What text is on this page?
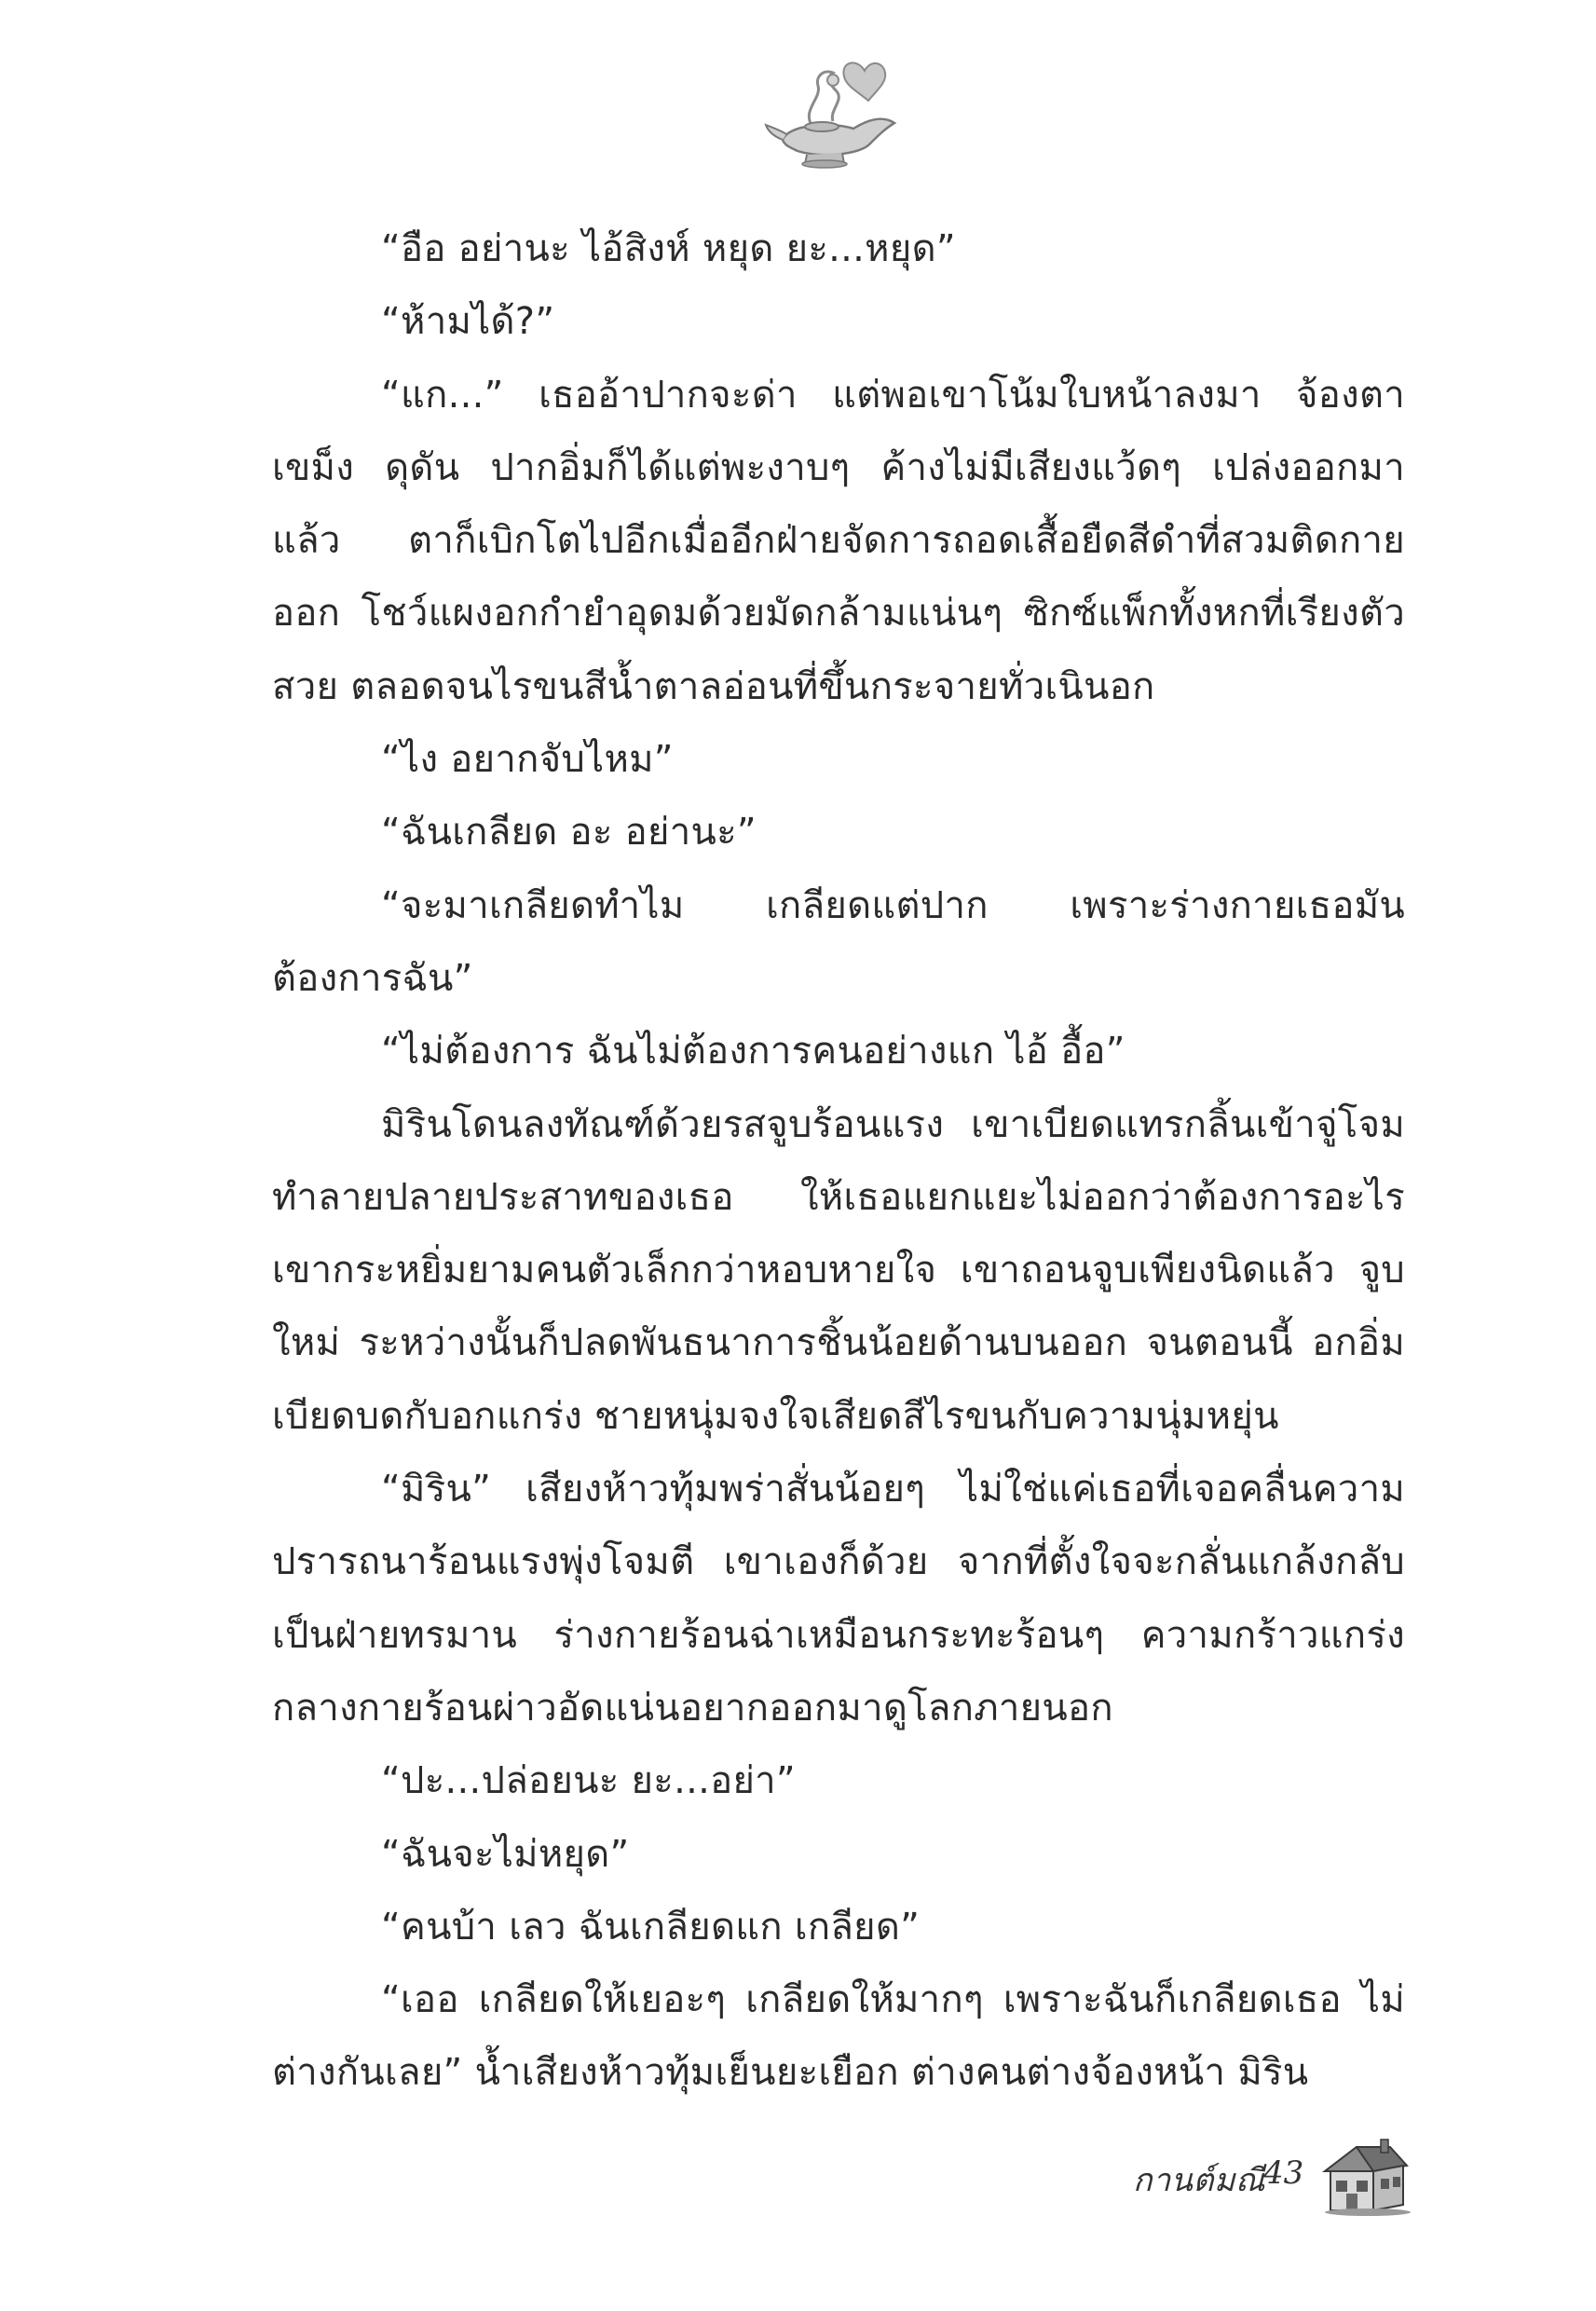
“อือ อย่านะ ไอ้สิงห์ หยุด ยะ...หยุด”

“ห้ามได้?”

“แก...” เธออ้าปากจะด่า แต่พอเขาโน้มใบหน้าลงมา จ้องตาเขม็ง ดุดัน ปากอิ่มก็ได้แต่พะงาบๆ ค้างไม่มีเสียงแว้ดๆ เปล่งออกมา แล้ว ตาก็เบิกโตไปอีกเมื่ออีกฝ่ายจัดการถอดเสื้อยืดสีดำที่สวมติดกายออก โชว์แผงอกกำยำอุดมด้วยมัดกล้ามแน่นๆ ซิกซ์แพ็กทั้งหกที่เรียงตัวสวย ตลอดจนไรขนสีน้ำตาลอ่อนที่ขึ้นกระจายทั่วเนินอก

“ไง อยากจับไหม”

“ฉันเกลียด อะ อย่านะ”

“จะมาเกลียดทำไม เกลียดแต่ปาก เพราะร่างกายเธอมัน ต้องการฉัน”

“ไม่ต้องการ ฉันไม่ต้องการคนอย่างแก ไอ้ อื้อ”

มิรินโดนลงทัณฑ์ด้วยรสจูบร้อนแรง เขาเบียดแทรกลิ้นเข้าจู่โจม ทำลายปลายประสาทของเธอ ให้เธอแยกแยะไม่ออกว่าต้องการอะไร เขากระหยิ่มยามคนตัวเล็กกว่าหอบหายใจ เขาถอนจูบเพียงนิดแล้ว จูบใหม่ ระหว่างนั้นก็ปลดพันธนาการชิ้นน้อยด้านบนออก จนตอนนี้ อกอิ่มเบียดบดกับอกแกร่ง ชายหนุ่มจงใจเสียดสีไรขนกับความนุ่มหยุ่น

“มิริน” เสียงห้าวทุ้มพร่าสั่นน้อยๆ ไม่ใช่แค่เธอที่เจอคลื่นความ ปรารถนาร้อนแรงพุ่งโจมตี เขาเองก็ด้วย จากที่ตั้งใจจะกลั่นแกล้งกลับ เป็นฝ่ายทรมาน ร่างกายร้อนฉ่าเหมือนกระทะร้อนๆ ความกร้าวแกร่ง กลางกายร้อนผ่าวอัดแน่นอยากออกมาดูโลกภายนอก

“ปะ...ปล่อยนะ ยะ...อย่า”

“ฉันจะไม่หยุด”

“คนบ้า เลว ฉันเกลียดแก เกลียด”

“เออ เกลียดให้เยอะๆ เกลียดให้มากๆ เพราะฉันก็เกลียดเธอ ไม่ต่างกันเลย” น้ำเสียงห้าวทุ้มเย็นยะเยือก ต่างคนต่างจ้องหน้า มิริน

กานต์มณี
43
